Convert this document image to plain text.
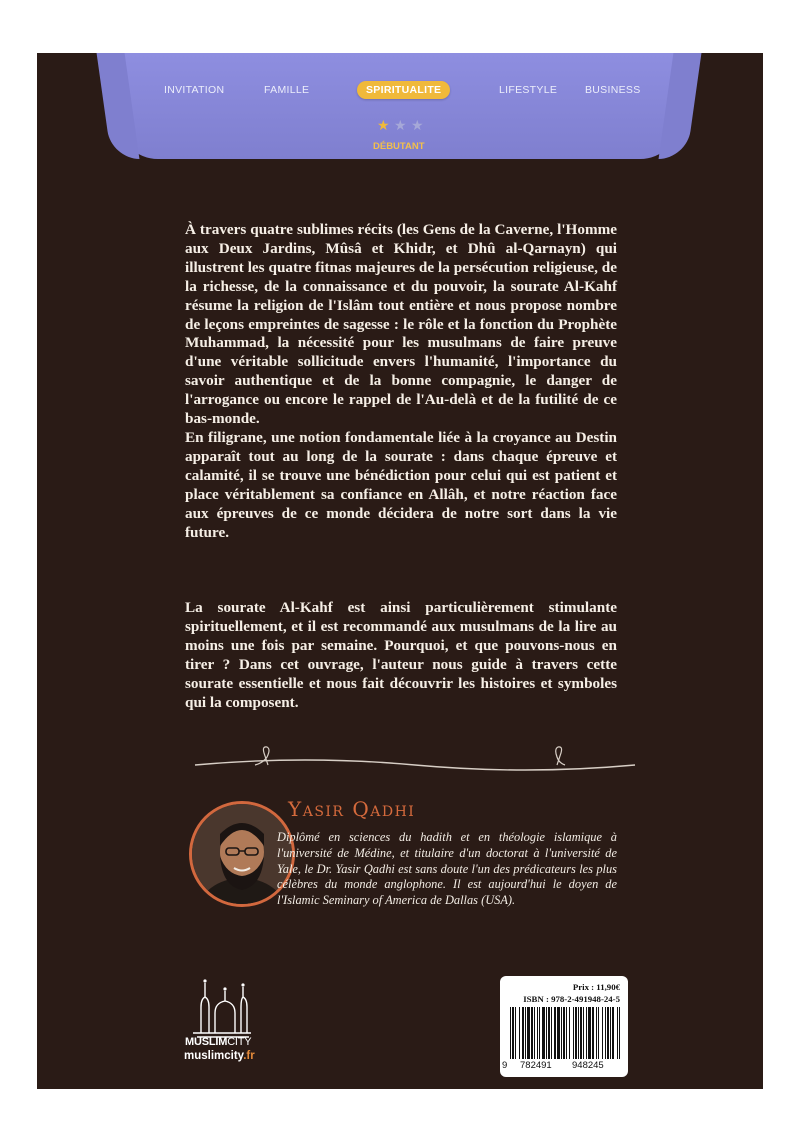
INVITATION	FAMILLE	SPIRITUALITE	LIFESTYLE	BUSINESS
★ ★ ★
DÉBUTANT

À travers quatre sublimes récits (les Gens de la Caverne, l'Homme aux Deux Jardins, Mûsâ et Khidr, et Dhû al-Qarnayn) qui illustrent les quatre fitnas majeures de la persécution religieuse, de la richesse, de la connaissance et du pouvoir, la sourate Al-Kahf résume la religion de l'Islâm tout entière et nous propose nombre de leçons empreintes de sagesse : le rôle et la fonction du Prophète Muhammad, la nécessité pour les musulmans de faire preuve d'une véritable sollicitude envers l'humanité, l'importance du savoir authentique et de la bonne compagnie, le danger de l'arrogance ou encore le rappel de l'Au-delà et de la futilité de ce bas-monde.

En filigrane, une notion fondamentale liée à la croyance au Destin apparaît tout au long de la sourate : dans chaque épreuve et calamité, il se trouve une bénédiction pour celui qui est patient et place véritablement sa confiance en Allâh, et notre réaction face aux épreuves de ce monde décidera de notre sort dans la vie future.

La sourate Al-Kahf est ainsi particulièrement stimulante spirituellement, et il est recommandé aux musulmans de la lire au moins une fois par semaine. Pourquoi, et que pouvons-nous en tirer ? Dans cet ouvrage, l'auteur nous guide à travers cette sourate essentielle et nous fait découvrir les histoires et symboles qui la composent.

Yasir Qadhi

Diplômé en sciences du hadith et en théologie islamique à l'université de Médine, et titulaire d'un doctorat à l'université de Yale, le Dr. Yasir Qadhi est sans doute l'un des prédicateurs les plus célèbres du monde anglophone. Il est aujourd'hui le doyen de l'Islamic Seminary of America de Dallas (USA).

MUSLIMCITY
muslimcity.fr
Prix : 11,90€
ISBN : 978-2-491948-24-5
9 782491 948245
